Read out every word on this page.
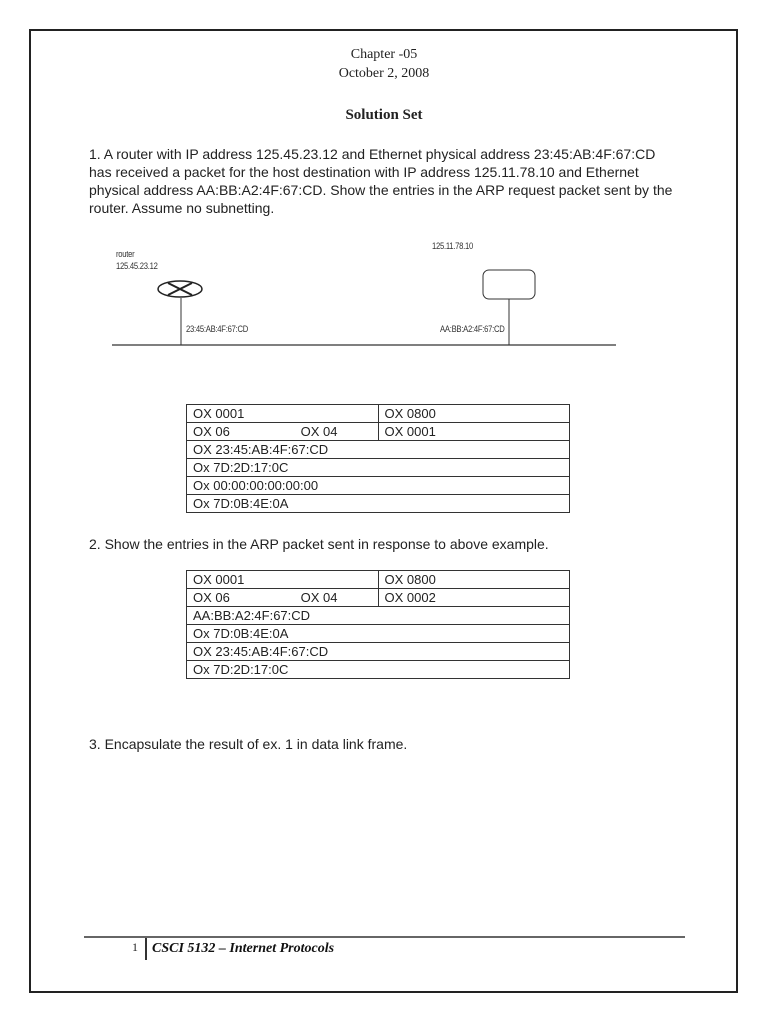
Chapter -05
October 2, 2008
Solution Set
1. A router with IP address 125.45.23.12 and Ethernet physical address 23:45:AB:4F:67:CD has received a packet for the host destination with IP address 125.11.78.10 and Ethernet physical address AA:BB:A2:4F:67:CD. Show the entries in the ARP request packet sent by the router. Assume no subnetting.
router
125.45.23.12
23:45:AB:4F:67:CD
125.11.78.10
AA:BB:A2:4F:67:CD
OX 0001	OX 0800
OX 06 OX 04	OX 0001
OX 23:45:AB:4F:67:CD	
Ox 7D:2D:17:0C	
Ox 00:00:00:00:00:00	
Ox 7D:0B:4E:0A	
2. Show the entries in the ARP packet sent in response to above example.
OX 0001	OX 0800
OX 06 OX 04	OX 0002
AA:BB:A2:4F:67:CD	
Ox 7D:0B:4E:0A	
OX 23:45:AB:4F:67:CD	
Ox 7D:2D:17:0C	
3. Encapsulate the result of ex. 1 in data link frame.
1 CSCI 5132 – Internet Protocols
